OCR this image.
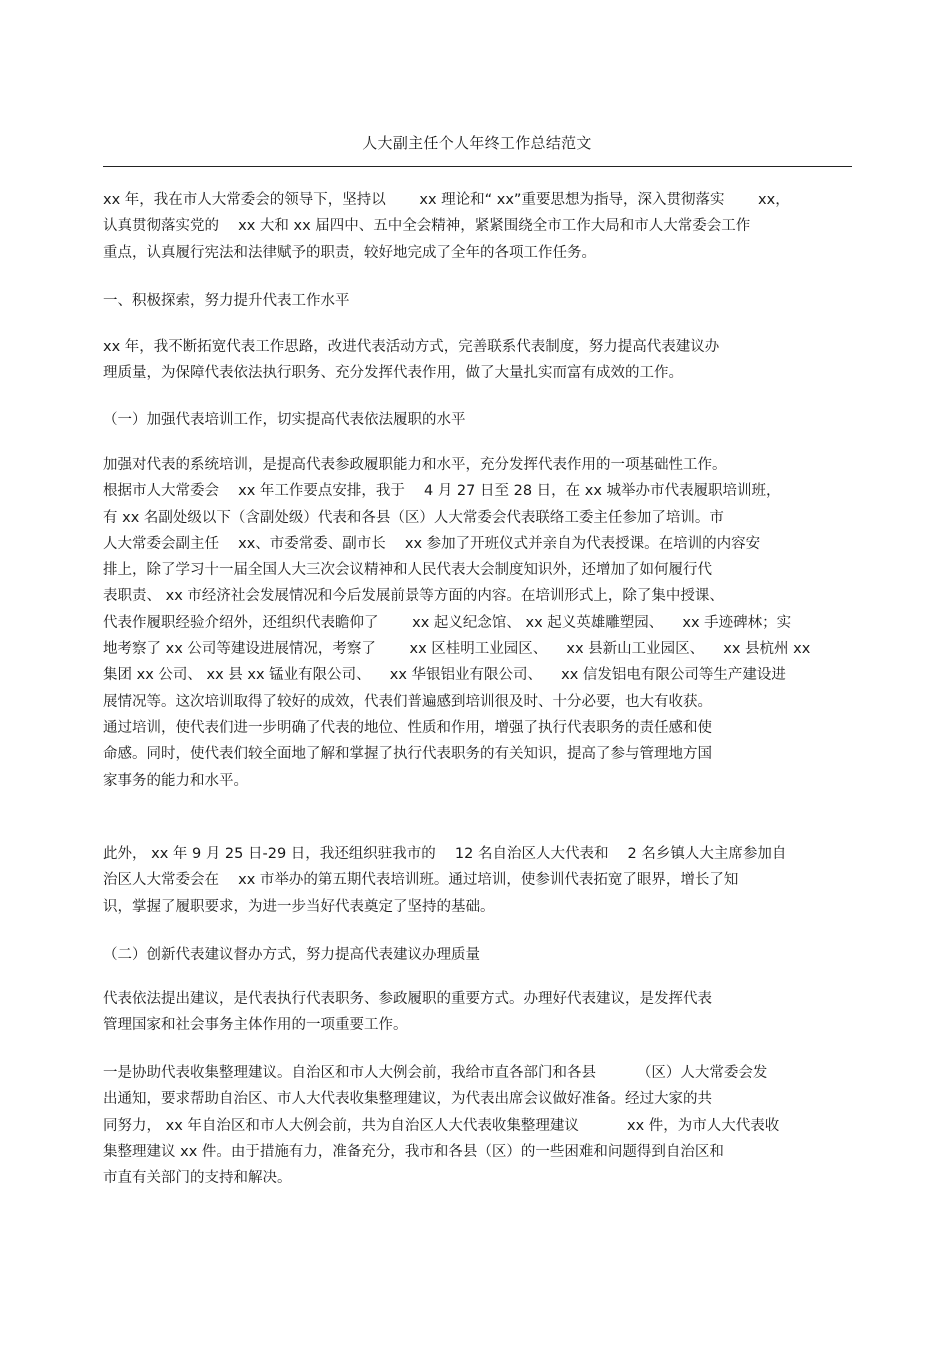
人大副主任个人年终工作总结范文

xx 年，我在市人大常委会的领导下，坚持以 　　xx 理论和“ xx”重要思想为指导，深入贯彻落实 　　xx，
认真贯彻落实党的 　xx 大和 xx 届四中、五中全会精神，紧紧围绕全市工作大局和市人大常委会工作
重点，认真履行宪法和法律赋予的职责，较好地完成了全年的各项工作任务。

一、积极探索，努力提升代表工作水平

xx 年，我不断拓宽代表工作思路，改进代表活动方式，完善联系代表制度，努力提高代表建议办
理质量，为保障代表依法执行职务、充分发挥代表作用，做了大量扎实而富有成效的工作。

（一）加强代表培训工作，切实提高代表依法履职的水平

加强对代表的系统培训，是提高代表参政履职能力和水平，充分发挥代表作用的一项基础性工作。
根据市人大常委会 　xx 年工作要点安排，我于 　4 月 27 日至 28 日，在 xx 城举办市代表履职培训班，
有 xx 名副处级以下（含副处级）代表和各县（区）人大常委会代表联络工委主任参加了培训。市
人大常委会副主任 　xx、市委常委、副市长 　xx 参加了开班仪式并亲自为代表授课。在培训的内容安
排上，除了学习十一届全国人大三次会议精神和人民代表大会制度知识外，还增加了如何履行代
表职责、 xx 市经济社会发展情况和今后发展前景等方面的内容。在培训形式上，除了集中授课、
代表作履职经验介绍外，还组织代表瞻仰了 　　xx 起义纪念馆、 xx 起义英雄雕塑园、 　xx 手迹碑林；实
地考察了 xx 公司等建设进展情况，考察了 　　xx 区桂明工业园区、 　xx 县新山工业园区、 　xx 县杭州 xx
集团 xx 公司、 xx 县 xx 锰业有限公司、 　xx 华银铝业有限公司、 　xx 信发铝电有限公司等生产建设进
展情况等。这次培训取得了较好的成效，代表们普遍感到培训很及时、十分必要，也大有收获。
通过培训，使代表们进一步明确了代表的地位、性质和作用，增强了执行代表职务的责任感和使
命感。同时，使代表们较全面地了解和掌握了执行代表职务的有关知识，提高了参与管理地方国
家事务的能力和水平。

此外， xx 年 9 月 25 日-29 日，我还组织驻我市的 　12 名自治区人大代表和 　2 名乡镇人大主席参加自
治区人大常委会在 　xx 市举办的第五期代表培训班。通过培训，使参训代表拓宽了眼界，增长了知
识，掌握了履职要求，为进一步当好代表奠定了坚持的基础。

（二）创新代表建议督办方式，努力提高代表建议办理质量

代表依法提出建议，是代表执行代表职务、参政履职的重要方式。办理好代表建议，是发挥代表
管理国家和社会事务主体作用的一项重要工作。

一是协助代表收集整理建议。自治区和市人大例会前，我给市直各部门和各县 　　　（区）人大常委会发
出通知，要求帮助自治区、市人大代表收集整理建议，为代表出席会议做好准备。经过大家的共
同努力， xx 年自治区和市人大例会前，共为自治区人大代表收集整理建议 　　　xx 件，为市人大代表收
集整理建议 xx 件。由于措施有力，准备充分，我市和各县（区）的一些困难和问题得到自治区和
市直有关部门的支持和解决。
